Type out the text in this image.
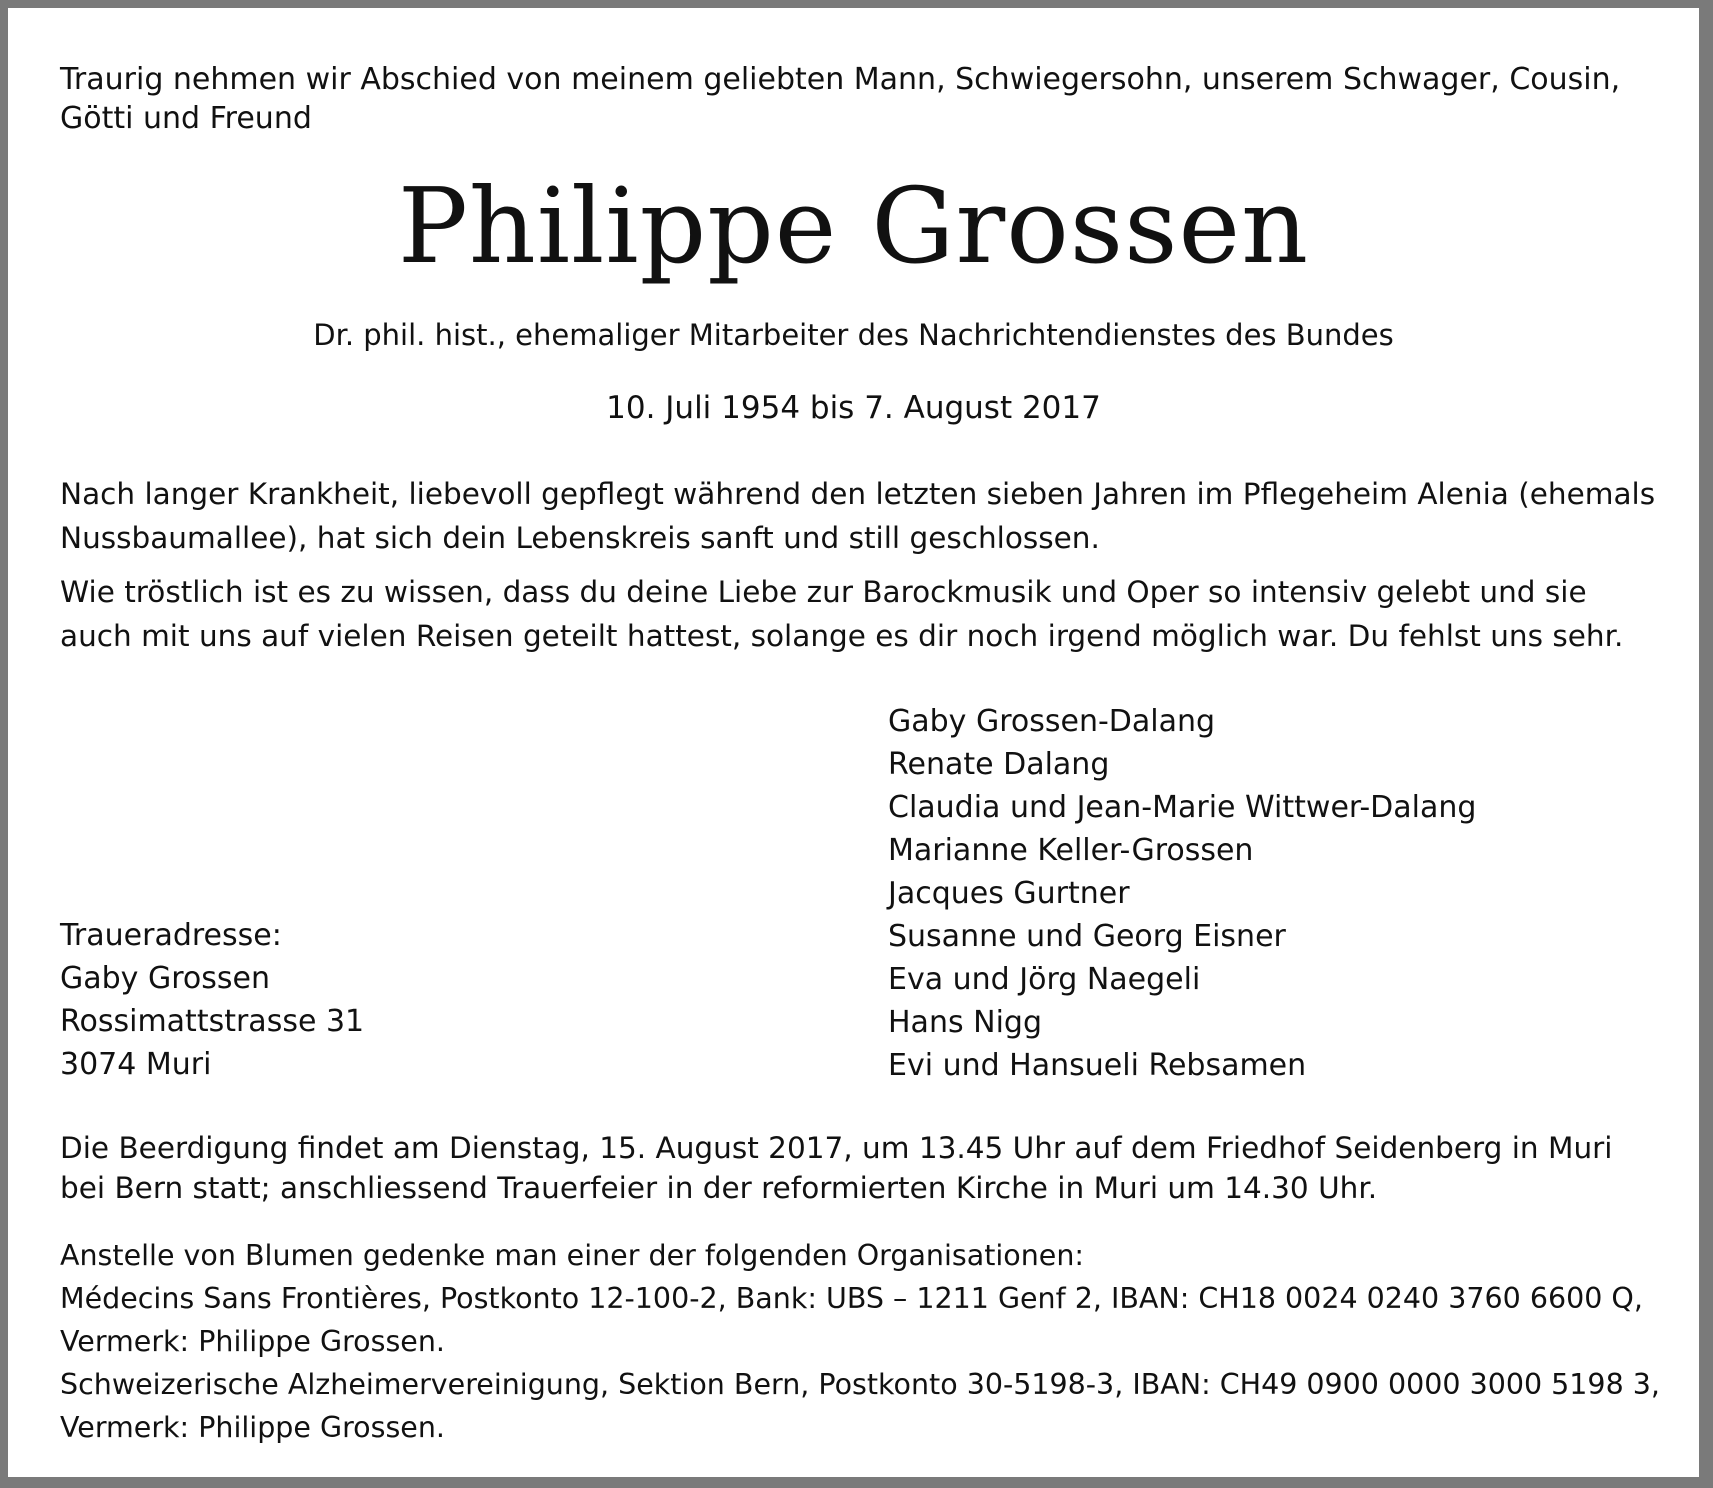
Traurig nehmen wir Abschied von meinem geliebten Mann, Schwiegersohn, unserem Schwager, Cousin, Götti und Freund

Philippe Grossen

Dr. phil. hist., ehemaliger Mitarbeiter des Nachrichtendienstes des Bundes

10. Juli 1954 bis 7. August 2017

Nach langer Krankheit, liebevoll gepflegt während den letzten sieben Jahren im Pflegeheim Alenia (ehemals Nussbaumallee), hat sich dein Lebenskreis sanft und still geschlossen.

Wie tröstlich ist es zu wissen, dass du deine Liebe zur Barockmusik und Oper so intensiv gelebt und sie auch mit uns auf vielen Reisen geteilt hattest, solange es dir noch irgend möglich war. Du fehlst uns sehr.

Gaby Grossen-Dalang
Renate Dalang
Claudia und Jean-Marie Wittwer-Dalang
Marianne Keller-Grossen
Jacques Gurtner
Susanne und Georg Eisner
Eva und Jörg Naegeli
Hans Nigg
Evi und Hansueli Rebsamen
Traueradresse:
Gaby Grossen
Rossimattstrasse 31
3074 Muri

Die Beerdigung findet am Dienstag, 15. August 2017, um 13.45 Uhr auf dem Friedhof Seidenberg in Muri bei Bern statt; anschliessend Trauerfeier in der reformierten Kirche in Muri um 14.30 Uhr.

Anstelle von Blumen gedenke man einer der folgenden Organisationen:
Médecins Sans Frontières, Postkonto 12-100-2, Bank: UBS – 1211 Genf 2, IBAN: CH18 0024 0240 3760 6600 Q,
Vermerk: Philippe Grossen.
Schweizerische Alzheimervereinigung, Sektion Bern, Postkonto 30-5198-3, IBAN: CH49 0900 0000 3000 5198 3,
Vermerk: Philippe Grossen.
